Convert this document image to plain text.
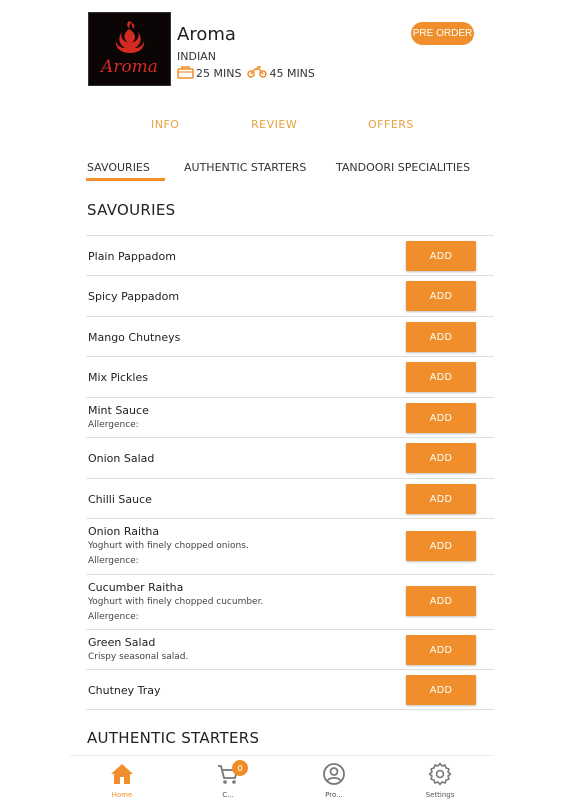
Aroma
Aroma
INDIAN
25 MINS	45 MINS
PRE ORDER
INFO	REVIEW	OFFERS
SAVOURIES	AUTHENTIC STARTERS	TANDOORI SPECIALITIES
SAVOURIES
Plain Pappadom	ADD
Spicy Pappadom	ADD
Mango Chutneys	ADD
Mix Pickles	ADD
Mint Sauce
Allergence:
ADD
Onion Salad	ADD
Chilli Sauce	ADD
Onion Raitha
Yoghurt with finely chopped onions.
Allergence:
ADD
Cucumber Raitha
Yoghurt with finely chopped cucumber.
Allergence:
ADD
Green Salad
Crispy seasonal salad.
ADD
Chutney Tray	ADD
AUTHENTIC STARTERS
Home
0
C...	Pro...	Settings
